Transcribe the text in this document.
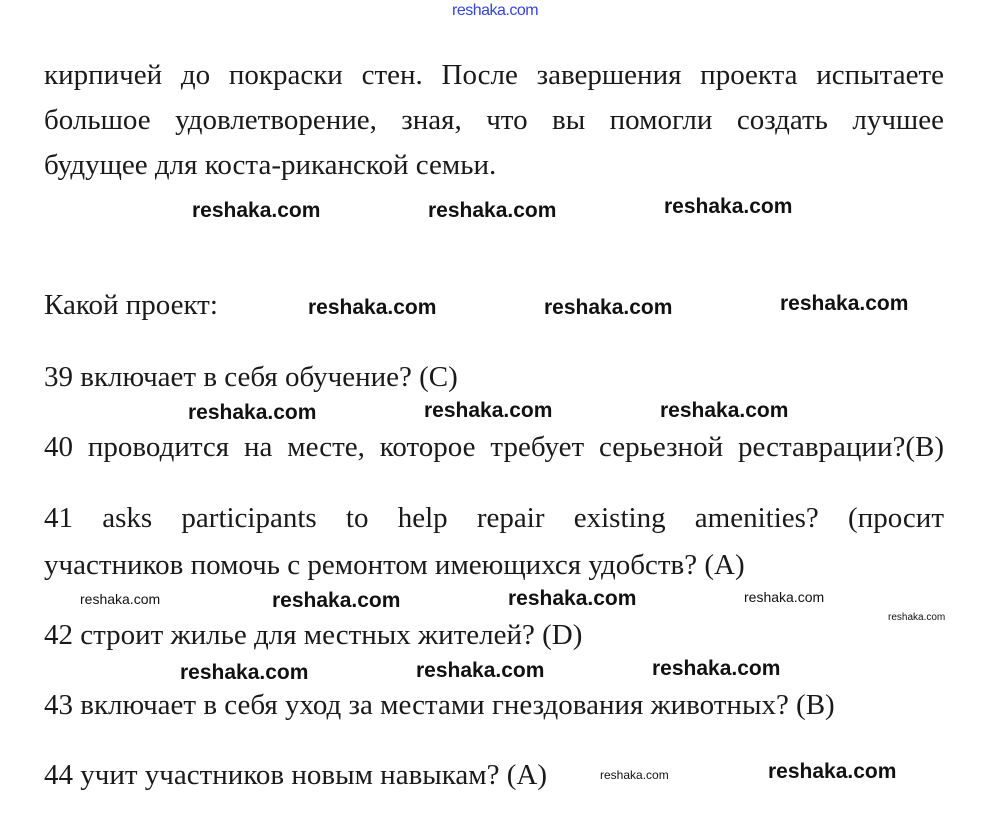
reshaka.com
кирпичей до покраски стен. После завершения проекта испытаете
большое удовлетворение, зная, что вы помогли создать лучшее
будущее для коста-риканской семьи.
Какой проект:
39 включает в себя обучение? (C)
40 проводится на месте, которое требует серьезной реставрации?(B)
41 asks participants to help repair existing amenities? (просит
участников помочь с ремонтом имеющихся удобств? (A)
42 строит жилье для местных жителей? (D)
43 включает в себя уход за местами гнездования животных? (B)
44 учит участников новым навыкам? (A)
reshaka.com	reshaka.com	reshaka.com
reshaka.com	reshaka.com	reshaka.com
reshaka.com	reshaka.com	reshaka.com
reshaka.com	reshaka.com	reshaka.com	reshaka.com
reshaka.com
reshaka.com	reshaka.com	reshaka.com
reshaka.com	reshaka.com
